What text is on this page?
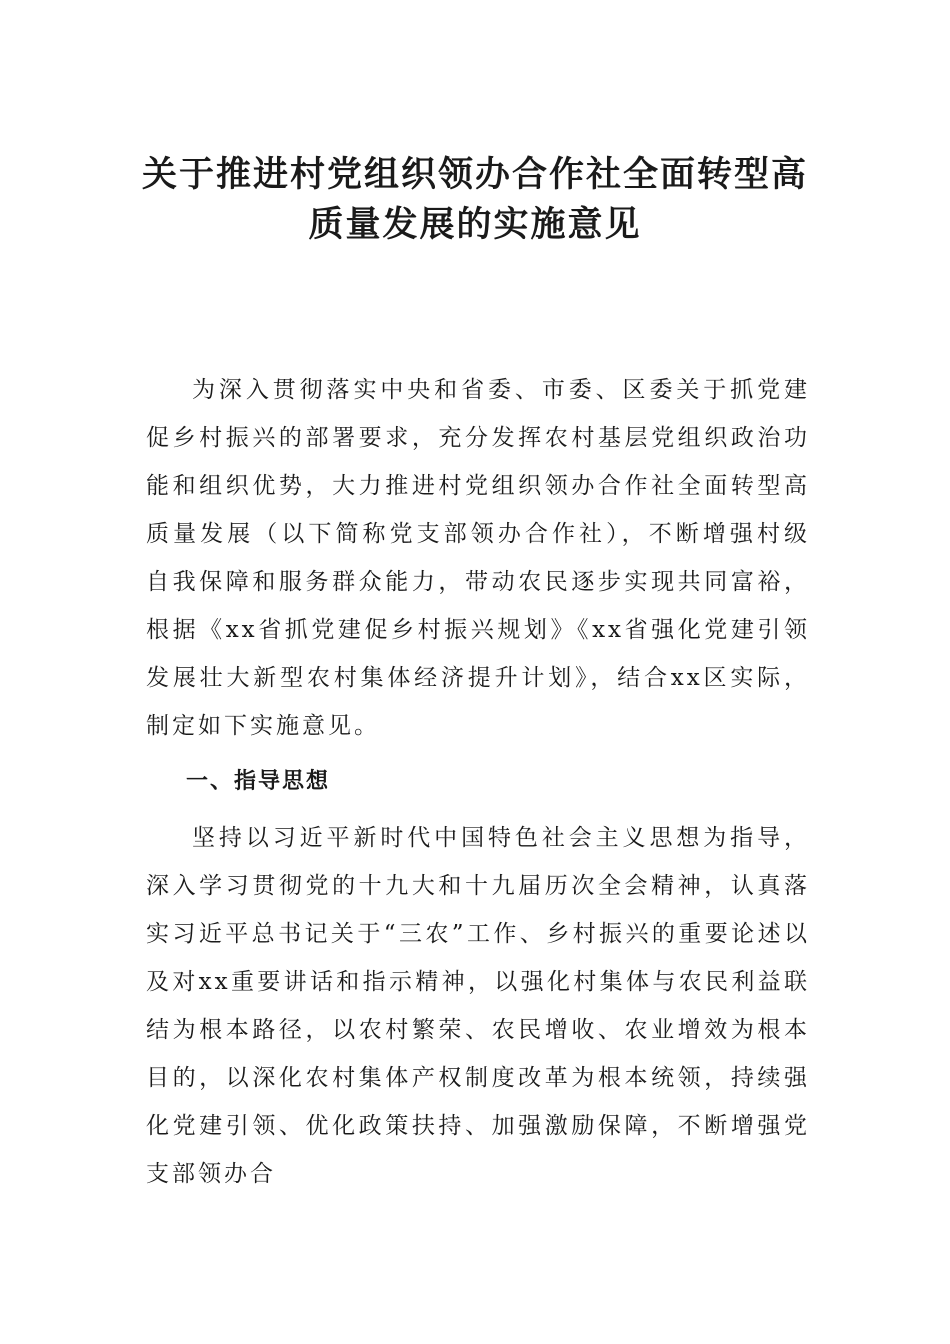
关于推进村党组织领办合作社全面转型高
质量发展的实施意见

为深入贯彻落实中央和省委、市委、区委关于抓党建促乡村振兴的部署要求，充分发挥农村基层党组织政治功能和组织优势，大力推进村党组织领办合作社全面转型高质量发展（以下简称党支部领办合作社），不断增强村级自我保障和服务群众能力，带动农民逐步实现共同富裕，根据《xx省抓党建促乡村振兴规划》《xx省强化党建引领发展壮大新型农村集体经济提升计划》，结合xx区实际，制定如下实施意见。

一、指导思想

坚持以习近平新时代中国特色社会主义思想为指导，深入学习贯彻党的十九大和十九届历次全会精神，认真落实习近平总书记关于“三农”工作、乡村振兴的重要论述以及对xx重要讲话和指示精神，以强化村集体与农民利益联结为根本路径，以农村繁荣、农民增收、农业增效为根本目的，以深化农村集体产权制度改革为根本统领，持续强化党建引领、优化政策扶持、加强激励保障，不断增强党支部领办合
